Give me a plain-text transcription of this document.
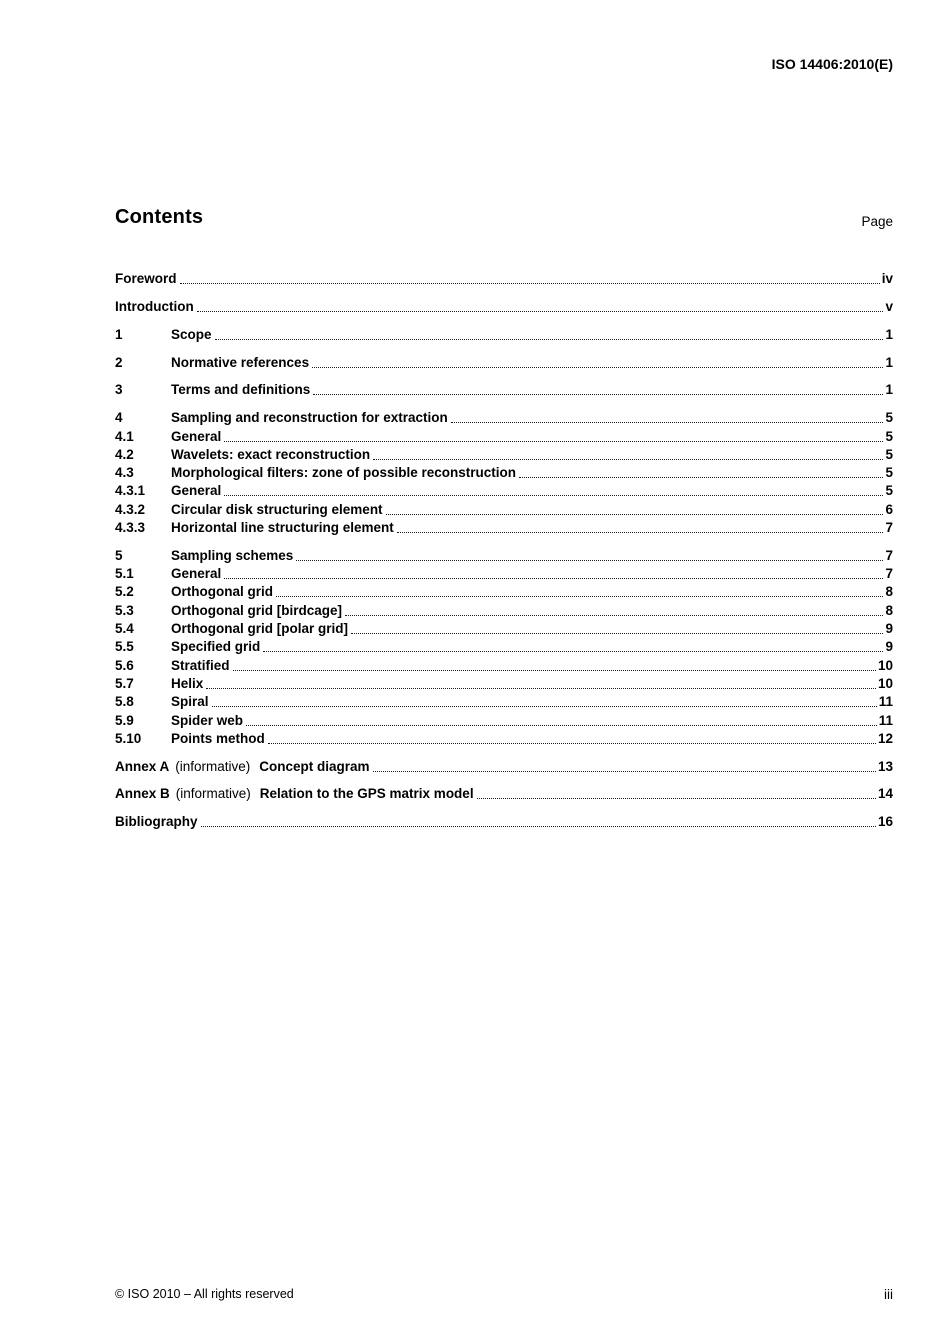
ISO 14406:2010(E)
Contents	Page
Foreword	iv
Introduction	v
1	Scope	1
2	Normative references	1
3	Terms and definitions	1
4	Sampling and reconstruction for extraction	5
4.1	General	5
4.2	Wavelets: exact reconstruction	5
4.3	Morphological filters: zone of possible reconstruction	5
4.3.1	General	5
4.3.2	Circular disk structuring element	6
4.3.3	Horizontal line structuring element	7
5	Sampling schemes	7
5.1	General	7
5.2	Orthogonal grid	8
5.3	Orthogonal grid [birdcage]	8
5.4	Orthogonal grid [polar grid]	9
5.5	Specified grid	9
5.6	Stratified	10
5.7	Helix	10
5.8	Spiral	11
5.9	Spider web	11
5.10	Points method	12
Annex A (informative) Concept diagram	13
Annex B (informative) Relation to the GPS matrix model	14
Bibliography	16
© ISO 2010 – All rights reserved	iii
